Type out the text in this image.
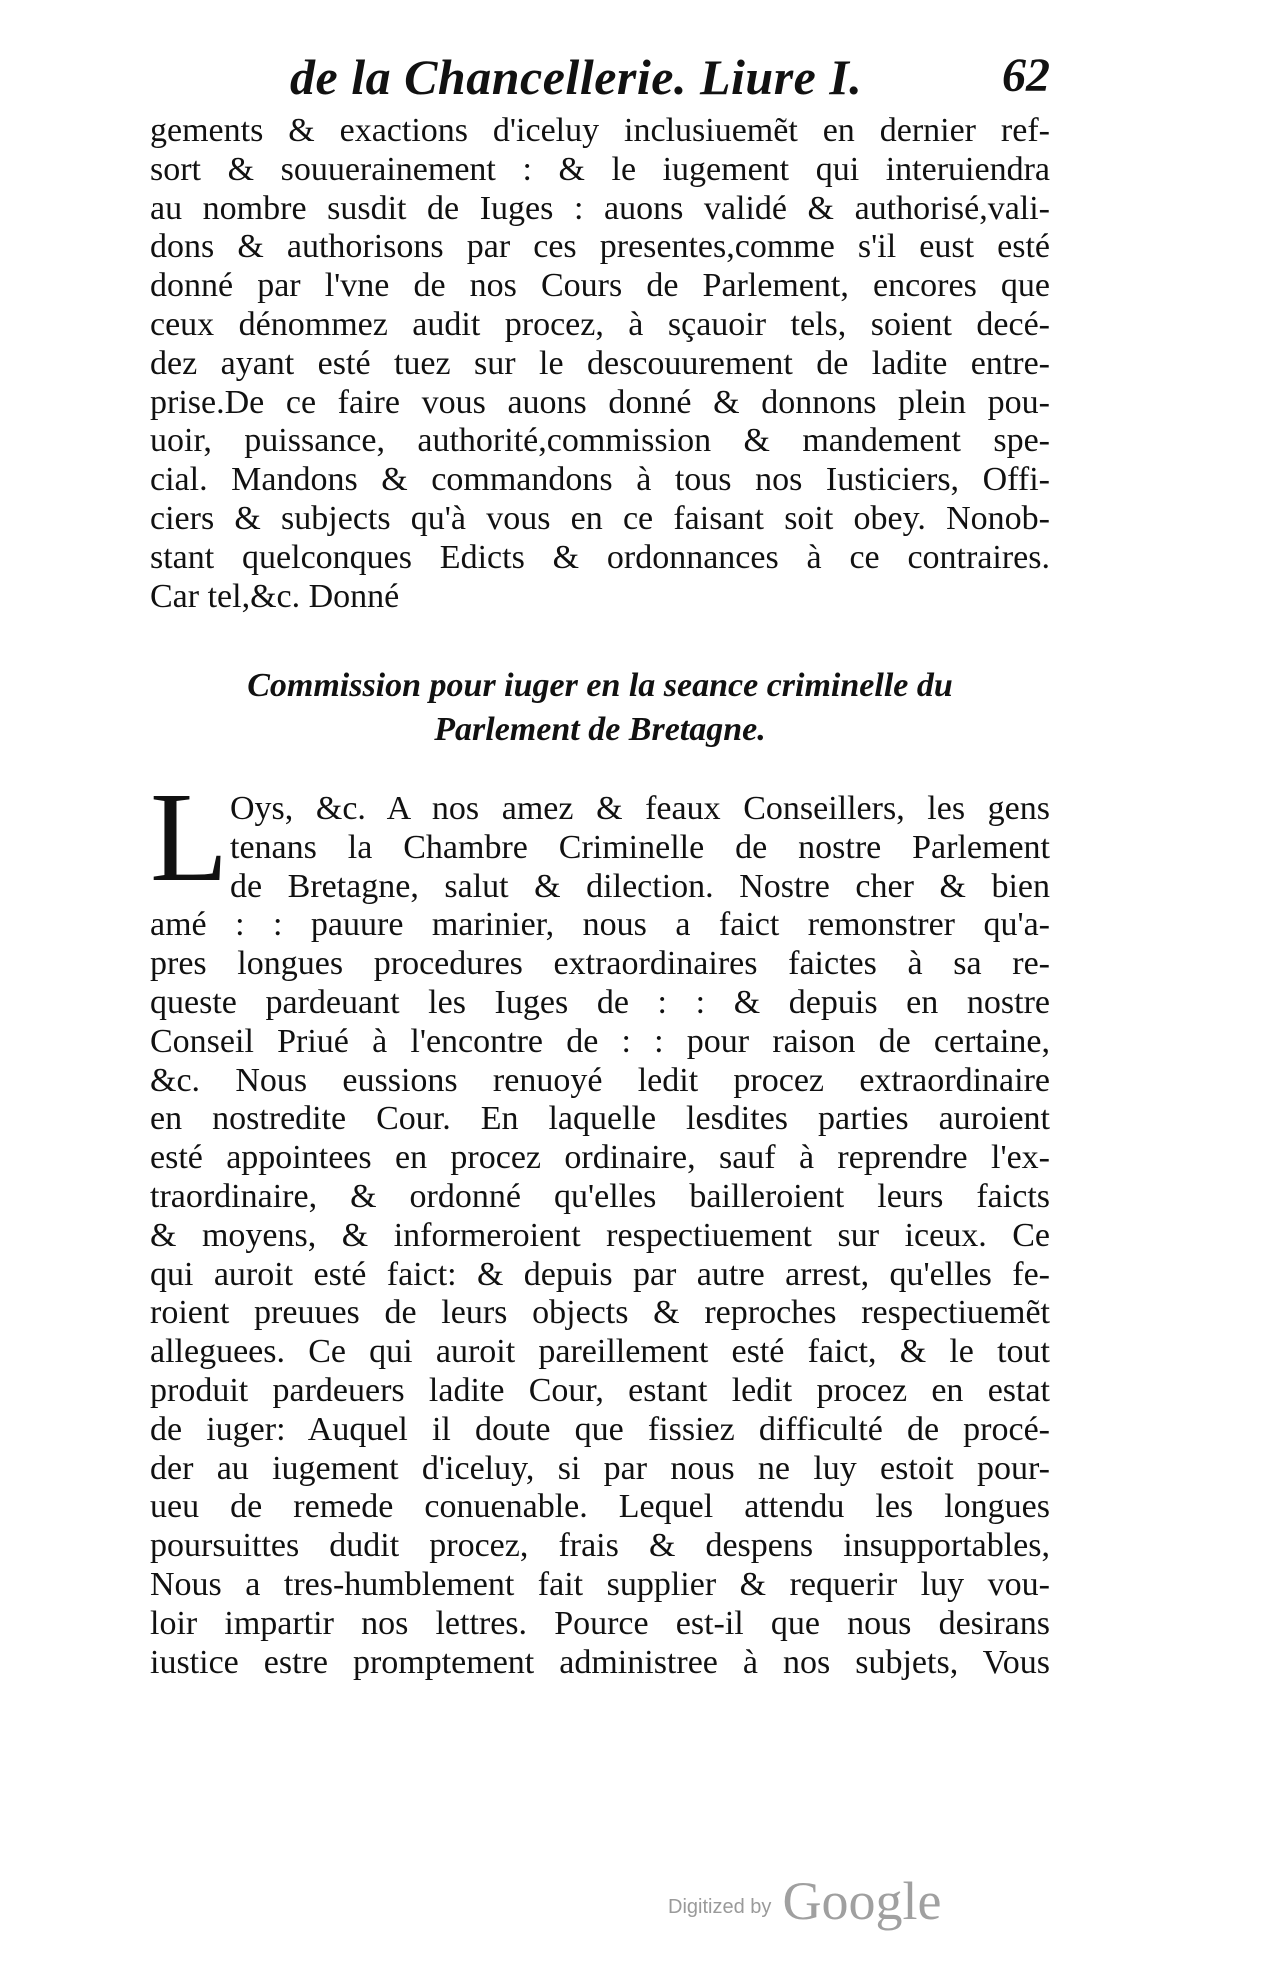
de la Chancellerie. Liure I.	62
gements & exactions d'iceluy inclusiuemẽt en dernier ref-
sort & souuerainement : & le iugement qui interuiendra
au nombre susdit de Iuges : auons validé & authorisé,vali-
dons & authorisons par ces presentes,comme s'il eust esté
donné par l'vne de nos Cours de Parlement, encores que
ceux dénommez audit procez, à sçauoir tels, soient decé-
dez ayant esté tuez sur le descouurement de ladite entre-
prise.De ce faire vous auons donné & donnons plein pou-
uoir, puissance, authorité,commission & mandement spe-
cial. Mandons & commandons à tous nos Iusticiers, Offi-
ciers & subjects qu'à vous en ce faisant soit obey. Nonob-
stant quelconques Edicts & ordonnances à ce contraires.
Car tel,&c. Donné
Commission pour iuger en la seance criminelle du
Parlement de Bretagne.
L Oys, &c. A nos amez & feaux Conseillers, les gens
tenans la Chambre Criminelle de nostre Parlement
de Bretagne, salut & dilection. Nostre cher & bien
amé : : pauure marinier, nous a faict remonstrer qu'a-
pres longues procedures extraordinaires faictes à sa re-
queste pardeuant les Iuges de : : & depuis en nostre
Conseil Priué à l'encontre de : : pour raison de certaine,
&c. Nous eussions renuoyé ledit procez extraordinaire
en nostredite Cour. En laquelle lesdites parties auroient
esté appointees en procez ordinaire, sauf à reprendre l'ex-
traordinaire, & ordonné qu'elles bailleroient leurs faicts
& moyens, & informeroient respectiuement sur iceux. Ce
qui auroit esté faict: & depuis par autre arrest, qu'elles fe-
roient preuues de leurs objects & reproches respectiuemẽt
alleguees. Ce qui auroit pareillement esté faict, & le tout
produit pardeuers ladite Cour, estant ledit procez en estat
de iuger: Auquel il doute que fissiez difficulté de procé-
der au iugement d'iceluy, si par nous ne luy estoit pour-
ueu de remede conuenable. Lequel attendu les longues
poursuittes dudit procez, frais & despens insupportables,
Nous a tres-humblement fait supplier & requerir luy vou-
loir impartir nos lettres. Pource est-il que nous desirans
iustice estre promptement administree à nos subjets, Vous
Digitized by Google
